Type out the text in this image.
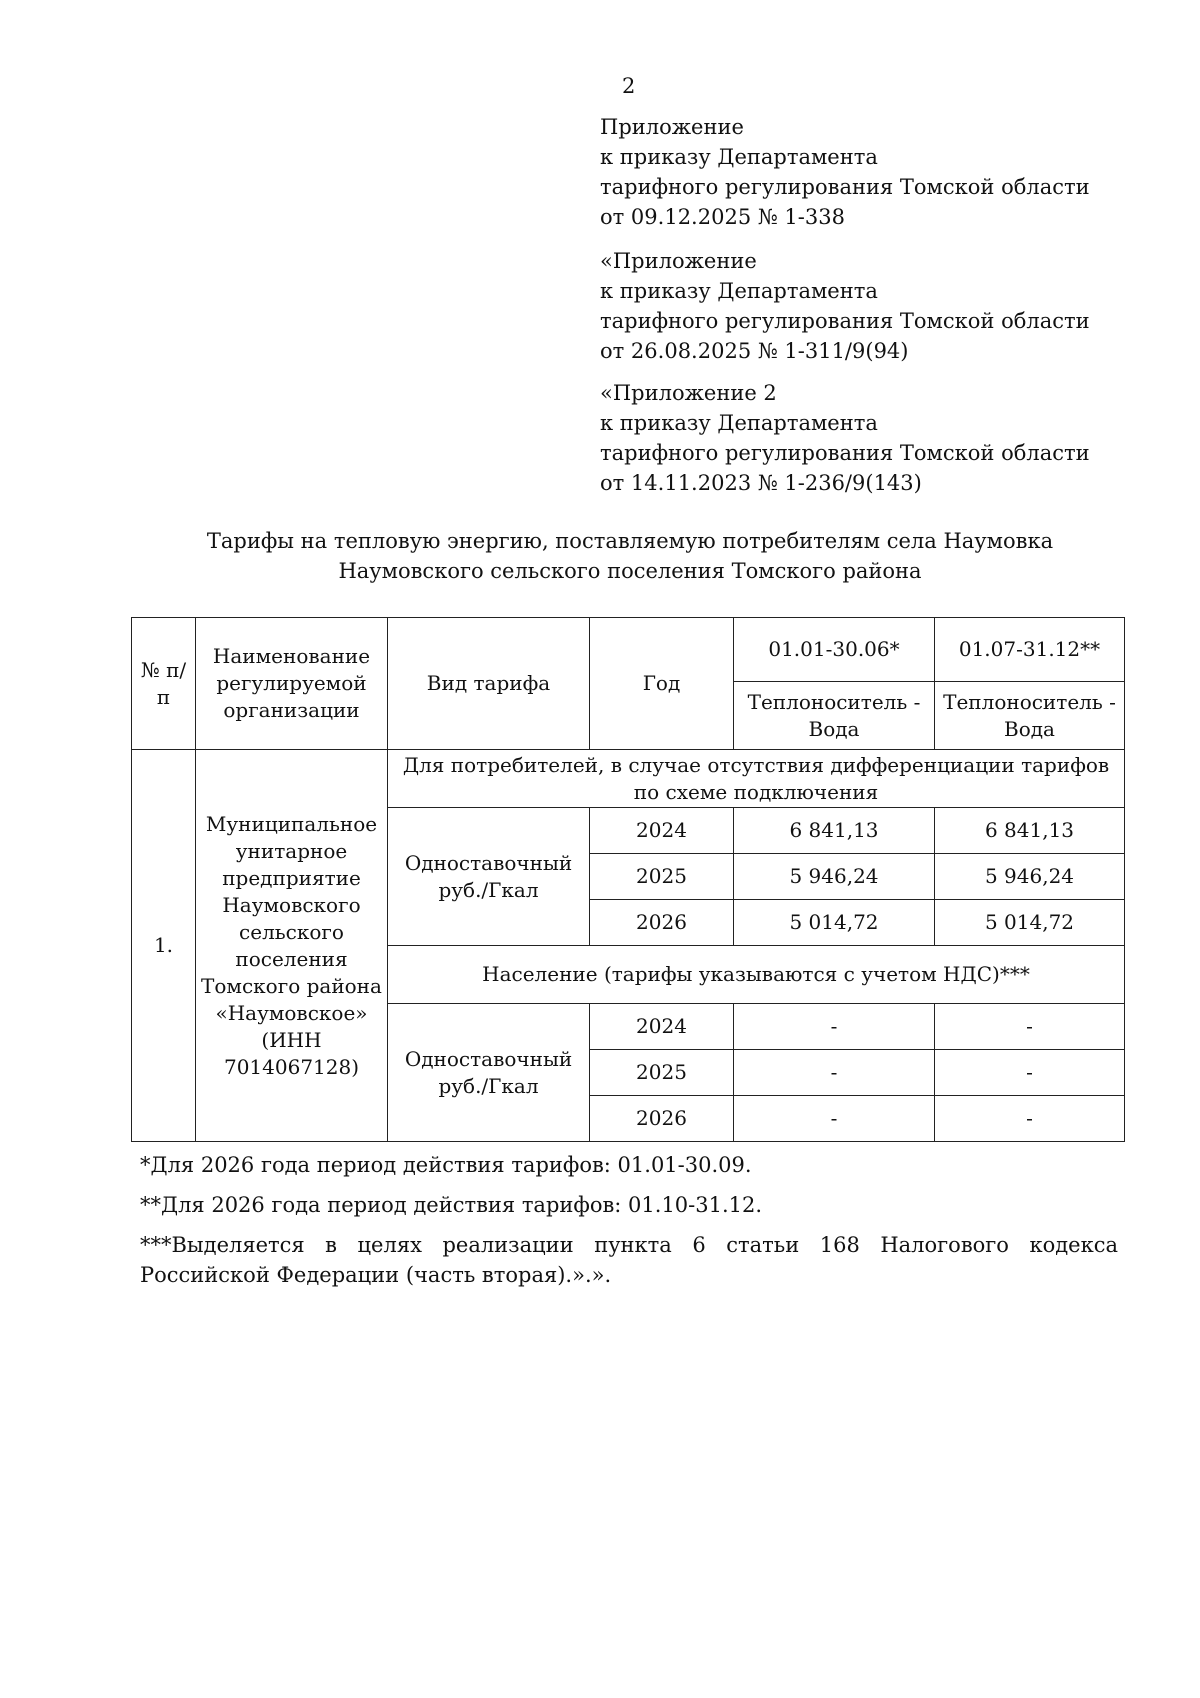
2
Приложение
к приказу Департамента
тарифного регулирования Томской области
от 09.12.2025 № 1-338
«Приложение
к приказу Департамента
тарифного регулирования Томской области
от 26.08.2025 № 1-311/9(94)
«Приложение 2
к приказу Департамента
тарифного регулирования Томской области
от 14.11.2023 № 1-236/9(143)
Тарифы на тепловую энергию, поставляемую потребителям села Наумовка
Наумовского сельского поселения Томского района
№ п/п	Наименование регулируемой организации	Вид тарифа	Год	01.01-30.06*	01.07-31.12**
				Теплоноситель - Вода	Теплоноситель - Вода
1.	Муниципальное унитарное предприятие Наумовского сельского поселения Томского района «Наумовское» (ИНН 7014067128)	Для потребителей, в случае отсутствия дифференциации тарифов по схеме подключения			
		Одноставочный руб./Гкал	2024	6 841,13	6 841,13
			2025	5 946,24	5 946,24
			2026	5 014,72	5 014,72
		Население (тарифы указываются с учетом НДС)***			
		Одноставочный руб./Гкал	2024	-	-
			2025	-	-
			2026	-	-
*Для 2026 года период действия тарифов: 01.01-30.09.
**Для 2026 года период действия тарифов: 01.10-31.12.
***Выделяется в целях реализации пункта 6 статьи 168 Налогового кодекса Российской Федерации (часть вторая).».».
